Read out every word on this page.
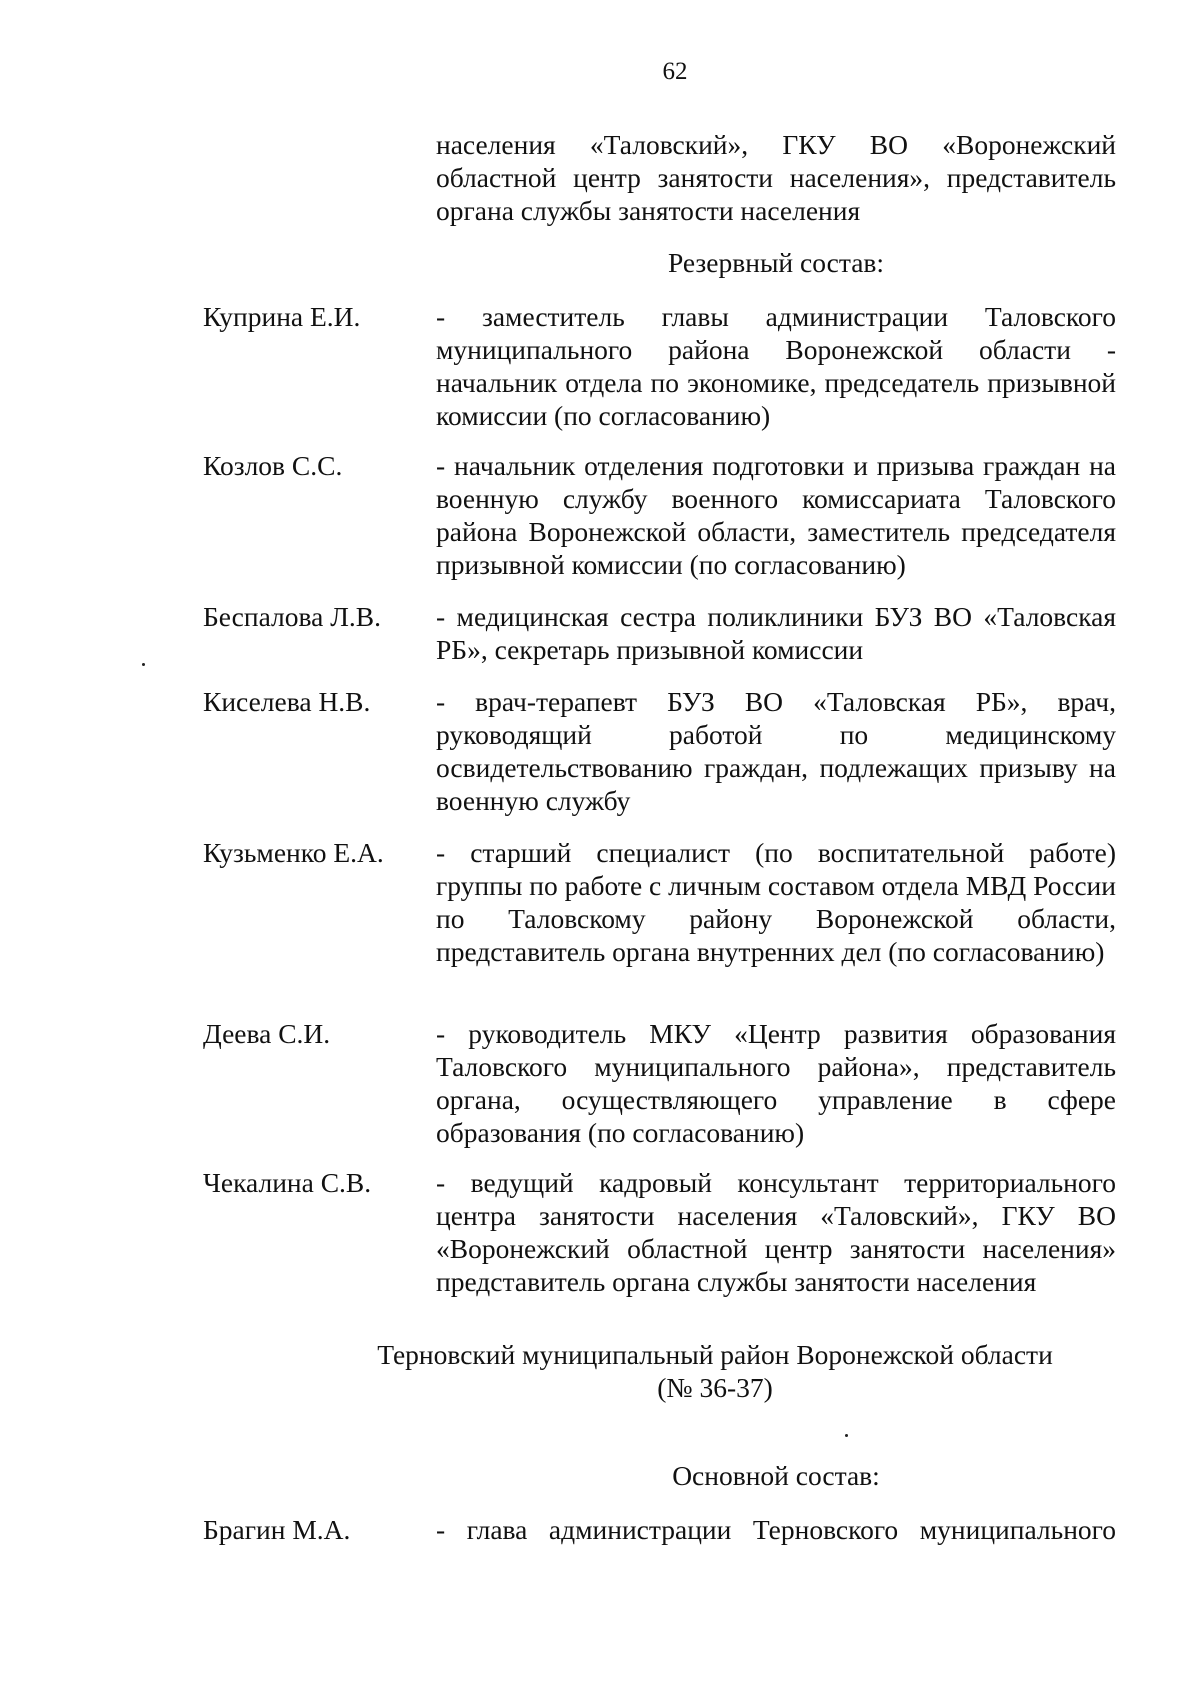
62
населения «Таловский», ГКУ ВО «Воронежский областной центр занятости населения», представитель органа службы занятости населения
Резервный состав:
Куприна Е.И.	- заместитель главы администрации Таловского муниципального района Воронежской области - начальник отдела по экономике, председатель призывной комиссии (по согласованию)
Козлов С.С.	- начальник отделения подготовки и призыва граждан на военную службу военного комиссариата Таловского района Воронежской области, заместитель председателя призывной комиссии (по согласованию)
Беспалова Л.В. - медицинская сестра поликлиники БУЗ ВО «Таловская РБ», секретарь призывной комиссии
Киселева Н.В. - врач-терапевт БУЗ ВО «Таловская РБ», врач, руководящий работой по медицинскому освидетельствованию граждан, подлежащих призыву на военную службу
Кузьменко Е.А. - старший специалист (по воспитательной работе) группы по работе с личным составом отдела МВД России по Таловскому району Воронежской области, представитель органа внутренних дел (по согласованию)
Деева С.И.	- руководитель МКУ «Центр развития образования Таловского муниципального района», представитель органа, осуществляющего управление в сфере образования (по согласованию)
Чекалина С.В. - ведущий кадровый консультант территориального центра занятости населения «Таловский», ГКУ ВО «Воронежский областной центр занятости населения» представитель органа службы занятости населения
Терновский муниципальный район Воронежской области
(№ 36-37)
Основной состав:
Брагин М.А.	- глава администрации Терновского муниципального
